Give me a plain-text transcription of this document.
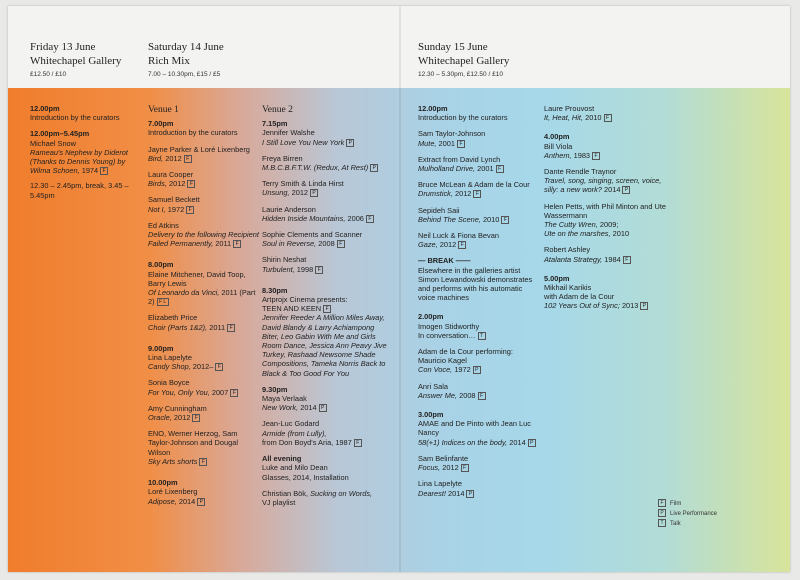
Friday 13 June
Whitechapel Gallery
£12.50 / £10
Saturday 14 June
Rich Mix
7.00 – 10.30pm, £15 / £5
Sunday 15 June
Whitechapel Gallery
12.30 – 5.30pm, £12.50 / £10
12.00pm
Introduction by the curators
12.00pm–5.45pm
Michael Snow
Rameau's Nephew by Diderot (Thanks to Dennis Young) by Wilma Schoen, 1974 F
12.30 – 2.45pm, break, 3.45 – 5.45pm
Venue 1
7.00pm
Introduction by the curators
Jayne Parker & Loré Lixenberg
Bird, 2012 F
Laura Cooper
Birds, 2012 F
Samuel Beckett
Not I, 1972 F
Ed Atkins
Delivery to the following Recipient Failed Permanently, 2011 F
8.00pm
Elaine Mitchener, David Toop, Barry Lewis
Of Leonardo da Vinci, 2011 (Part 2) F L
Elizabeth Price
Choir (Parts 1&2), 2011 F
9.00pm
Lina Lapelyte
Candy Shop, 2012– F
Sonia Boyce
For You, Only You, 2007 F
Amy Cunningham
Oracle, 2012 F
ENO, Werner Herzog, Sam Taylor-Johnson and Dougal Wilson
Sky Arts shorts F
10.00pm
Loré Lixenberg
Adipose, 2014 P
Venue 2
7.15pm
Jennifer Walshe
I Still Love You New York P
Freya Birren
M.B.C.B.F.T.W. (Redux, At Rest) P
Terry Smith & Linda Hirst
Unsung, 2012 P
Laurie Anderson
Hidden Inside Mountains, 2006 F
Sophie Clements and Scanner
Soul in Reverse, 2008 F
Shirin Neshat
Turbulent, 1998 F
8.30pm
Artprojx Cinema presents:
TEEN AND KEEN F
Jennifer Reeder A Million Miles Away, David Blandy & Larry Achiampong Biter, Leo Gabin With Me and Girls Room Dance, Jessica Ann Peavy Jive Turkey, Rashaad Newsome Shade Compositions, Tameka Norris Back to Black & Too Good For You
9.30pm
Maya Verlaak
New Work, 2014 P
Jean-Luc Godard
Armide (from Lully),
from Don Boyd's Aria, 1987 F
All evening
Luke and Milo Dean
Glasses, 2014, Installation
Christian Bök, Sucking on Words,
VJ playlist
12.00pm
Introduction by the curators
Sam Taylor-Johnson
Mute, 2001 F
Extract from David Lynch
Mulholland Drive, 2001 F
Bruce McLean & Adam de la Cour
Drumstick, 2012 F
Sepideh Saii
Behind The Scene, 2010 F
Neil Luck & Fiona Bevan
Gaze, 2012 F
— BREAK ——
Elsewhere in the galleries artist Simon Lewandowski demonstrates and performs with his automatic voice machines
2.00pm
Imogen Stidworthy
In conversation… T
Adam de la Cour performing: Mauricio Kagel
Con Voce, 1972 P
Anri Sala
Answer Me, 2008 F
3.00pm
AMAE and De Pinto with Jean Luc Nancy
58(+1) Indices on the body, 2014 P
Sam Belinfante
Focus, 2012 F
Lina Lapelyte
Dearest! 2014 P
Laure Prouvost
It, Heat, Hit, 2010 F
4.00pm
Bill Viola
Anthem, 1983 F
Dante Rendle Traynor
Travel, song, singing, screen, voice, silly: a new work? 2014 P
Helen Petts, with Phil Minton and Ute Wassermann
The Cutty Wren, 2009;
Ute on the marshes, 2010
Robert Ashley
Atalanta Strategy, 1984 F
5.00pm
Mikhail Karikis
with Adam de la Cour
102 Years Out of Sync; 2013 P
F Film
P Live Performance
T Talk
